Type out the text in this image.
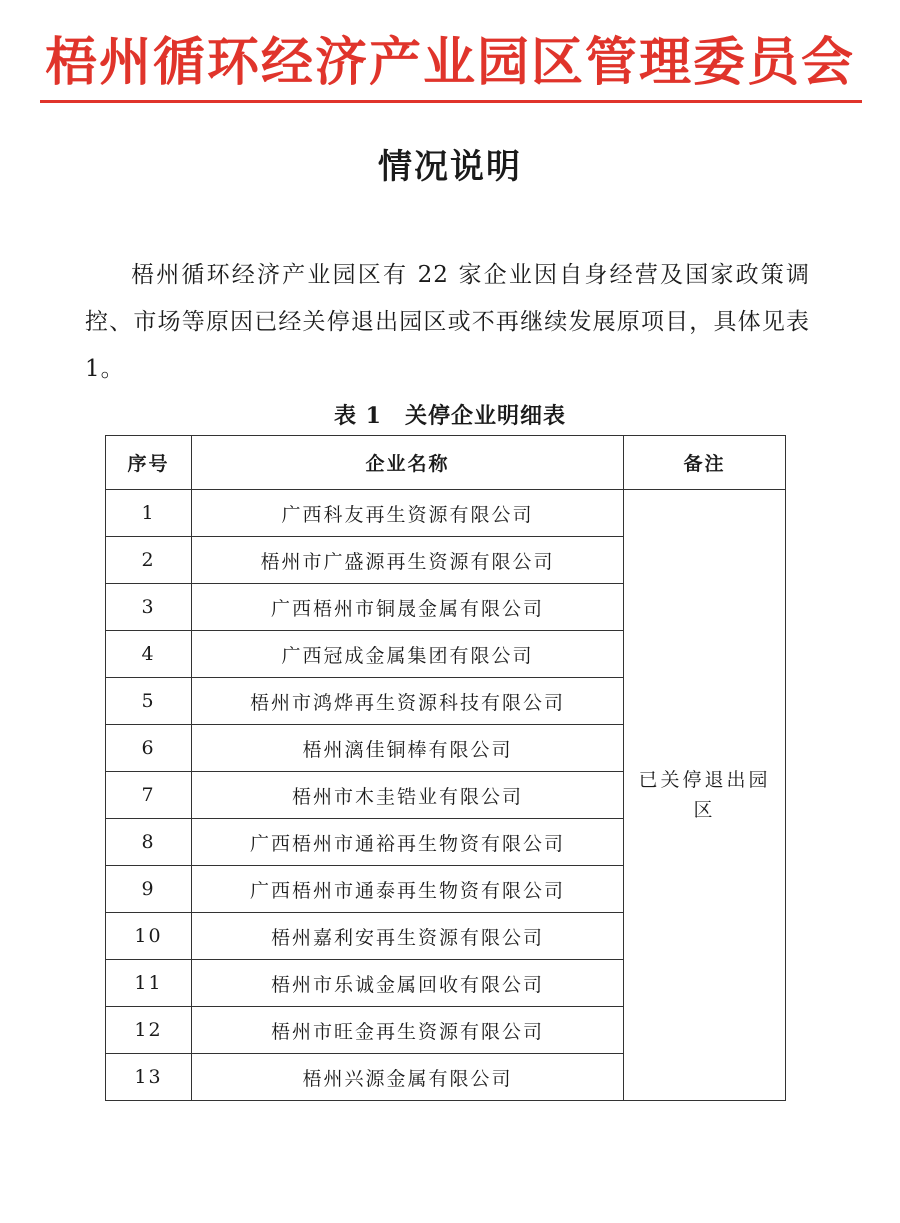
梧州循环经济产业园区管理委员会
情况说明

梧州循环经济产业园区有 22 家企业因自身经营及国家政策调控、市场等原因已经关停退出园区或不再继续发展原项目，具体见表 1。

表 1　关停企业明细表
序号	企业名称	备注
1	广西科友再生资源有限公司	已关停退出园区
2	梧州市广盛源再生资源有限公司	
3	广西梧州市铜晟金属有限公司	
4	广西冠成金属集团有限公司	
5	梧州市鸿烨再生资源科技有限公司	
6	梧州漓佳铜棒有限公司	
7	梧州市木圭锆业有限公司	
8	广西梧州市通裕再生物资有限公司	
9	广西梧州市通泰再生物资有限公司	
10	梧州嘉利安再生资源有限公司	
11	梧州市乐诚金属回收有限公司	
12	梧州市旺金再生资源有限公司	
13	梧州兴源金属有限公司	
